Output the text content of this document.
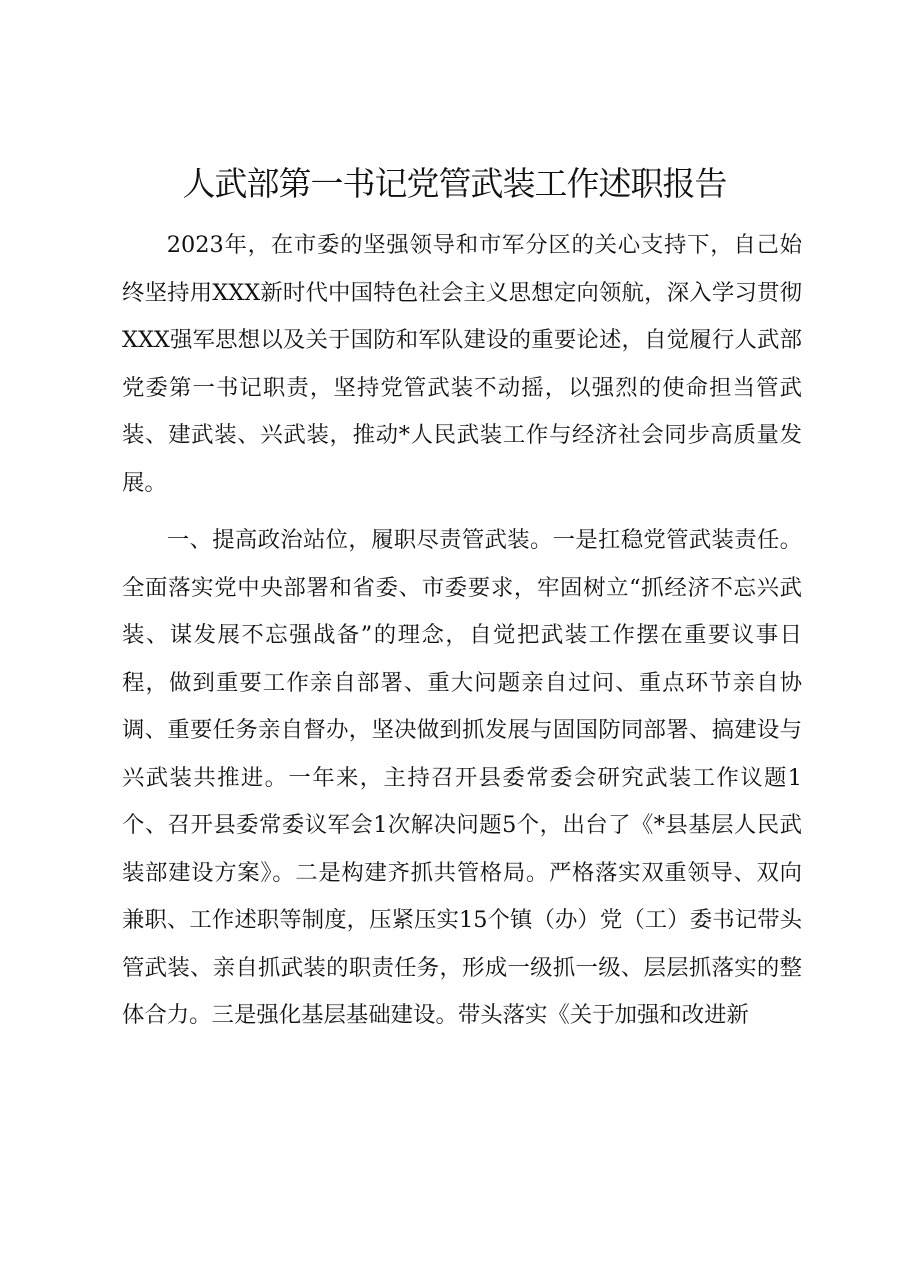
人武部第一书记党管武装工作述职报告

2023年，在市委的坚强领导和市军分区的关心支持下，自己始终坚持用XXX新时代中国特色社会主义思想定向领航，深入学习贯彻XXX强军思想以及关于国防和军队建设的重要论述，自觉履行人武部党委第一书记职责，坚持党管武装不动摇，以强烈的使命担当管武装、建武装、兴武装，推动*人民武装工作与经济社会同步高质量发展。

一、提高政治站位，履职尽责管武装。一是扛稳党管武装责任。全面落实党中央部署和省委、市委要求，牢固树立“抓经济不忘兴武装、谋发展不忘强战备”的理念，自觉把武装工作摆在重要议事日程，做到重要工作亲自部署、重大问题亲自过问、重点环节亲自协调、重要任务亲自督办，坚决做到抓发展与固国防同部署、搞建设与兴武装共推进。一年来，主持召开县委常委会研究武装工作议题1个、召开县委常委议军会1次解决问题5个，出台了《*县基层人民武装部建设方案》。二是构建齐抓共管格局。严格落实双重领导、双向兼职、工作述职等制度，压紧压实15个镇（办）党（工）委书记带头管武装、亲自抓武装的职责任务，形成一级抓一级、层层抓落实的整体合力。三是强化基层基础建设。带头落实《关于加强和改进新
